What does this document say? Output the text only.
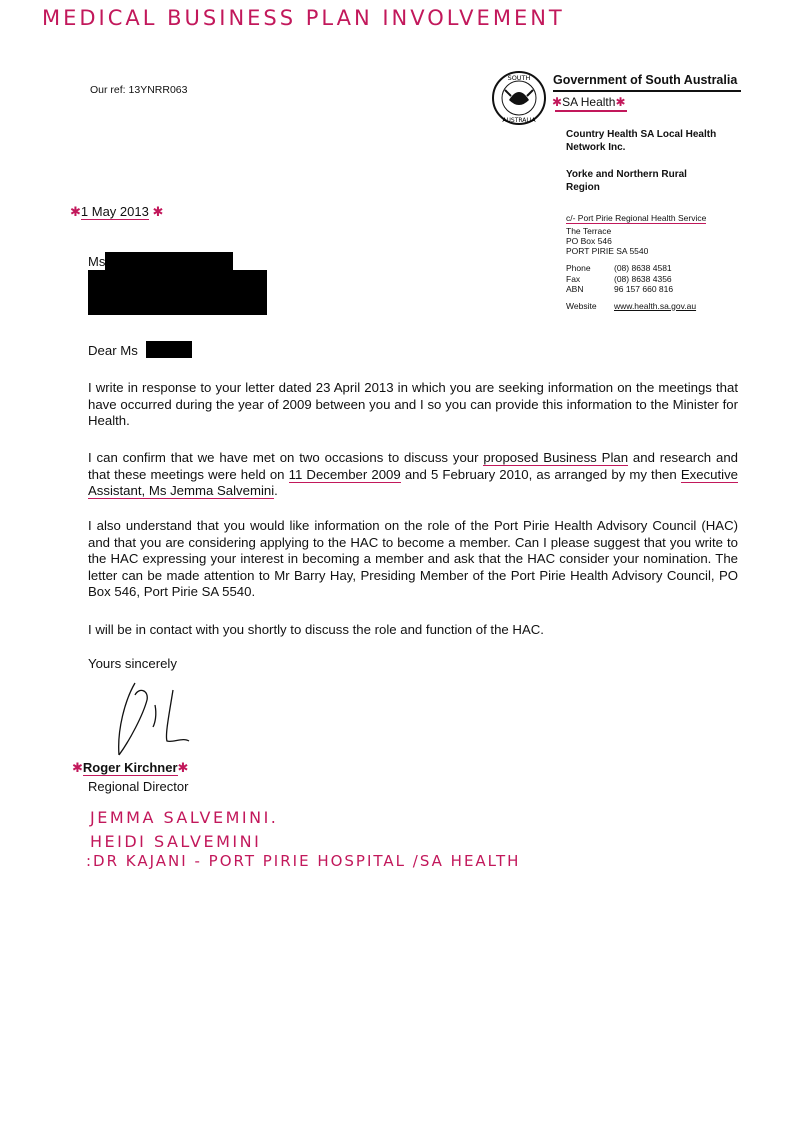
MEDICAL BUSINESS PLAN INVOLVEMENT
Our ref: 13YNRR063
SOUTH
AUSTRALIA
Government of South Australia
✱SA Health✱
Country Health SA Local Health
Network Inc.
Yorke and Northern Rural
Region
c/- Port Pirie Regional Health Service
The Terrace
PO Box 546
PORT PIRIE SA 5540
Phone	(08) 8638 4581
Fax	(08) 8638 4356
ABN	96 157 660 816
Website www.health.sa.gov.au
✱1 May 2013 ✱
Ms
Dear Ms
I write in response to your letter dated 23 April 2013 in which you are seeking information on the meetings that have occurred during the year of 2009 between you and I so you can provide this information to the Minister for Health.
I can confirm that we have met on two occasions to discuss your proposed Business Plan and research and that these meetings were held on 11 December 2009 and 5 February 2010, as arranged by my then Executive Assistant, Ms Jemma Salvemini.
I also understand that you would like information on the role of the Port Pirie Health Advisory Council (HAC) and that you are considering applying to the HAC to become a member. Can I please suggest that you write to the HAC expressing your interest in becoming a member and ask that the HAC consider your nomination. The letter can be made attention to Mr Barry Hay, Presiding Member of the Port Pirie Health Advisory Council, PO Box 546, Port Pirie SA 5540.
I will be in contact with you shortly to discuss the role and function of the HAC.
Yours sincerely
✱Roger Kirchner✱
Regional Director
JEMMA SALVEMINI.
HEIDI SALVEMINI
:DR KAJANI - PORT PIRIE HOSPITAL /SA HEALTH
